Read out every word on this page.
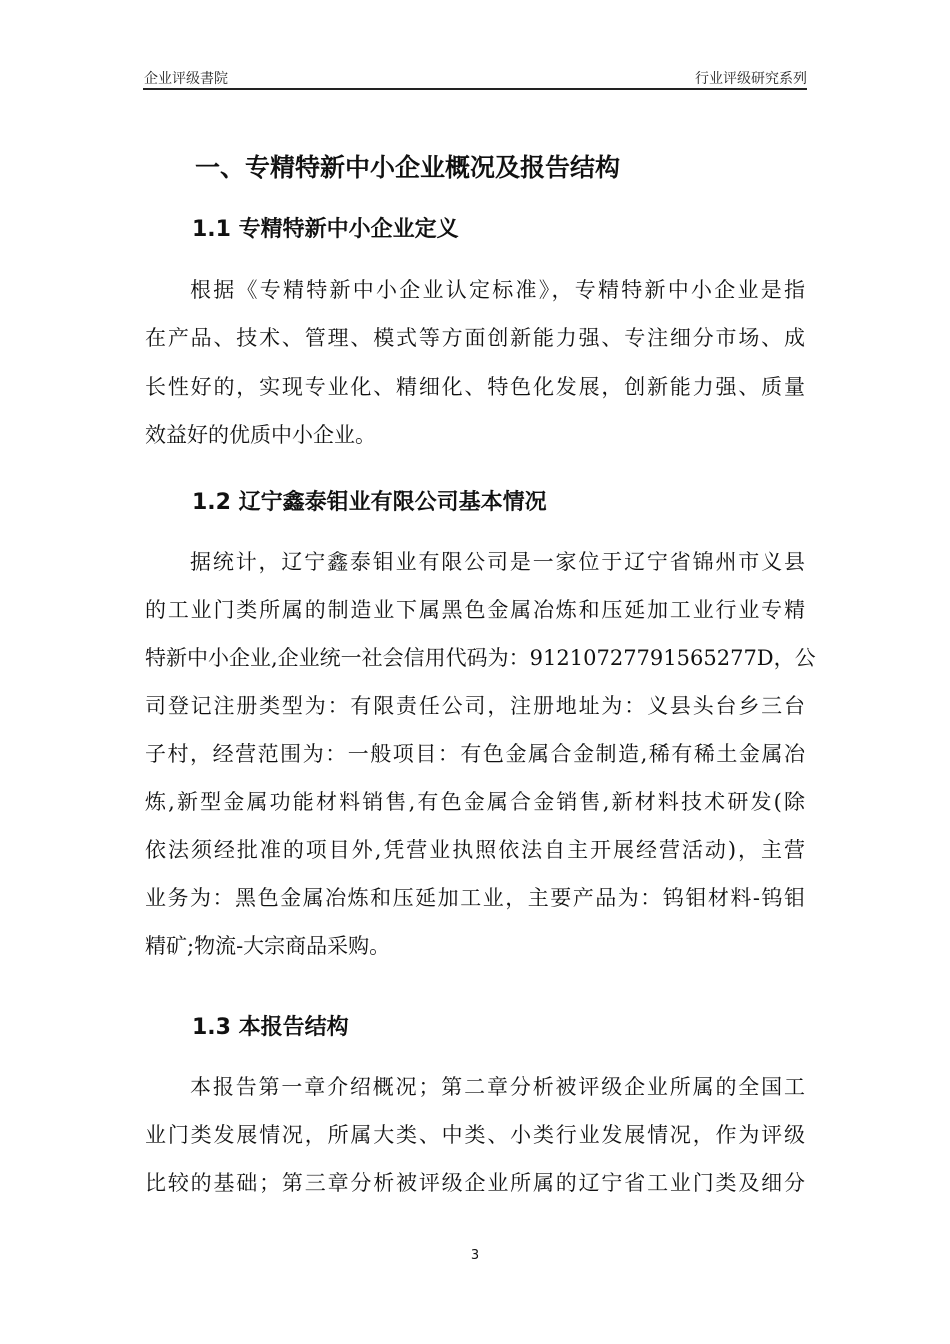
企业评级書院	行业评级研究系列
一、专精特新中小企业概况及报告结构
1.1 专精特新中小企业定义
根据《专精特新中小企业认定标准》，专精特新中小企业是指
在产品、技术、管理、模式等方面创新能力强、专注细分市场、成
长性好的，实现专业化、精细化、特色化发展，创新能力强、质量
效益好的优质中小企业。
1.2 辽宁鑫泰钼业有限公司基本情况
据统计，辽宁鑫泰钼业有限公司是一家位于辽宁省锦州市义县
的工业门类所属的制造业下属黑色金属冶炼和压延加工业行业专精
特新中小企业,企业统一社会信用代码为：91210727791565277D，公
司登记注册类型为：有限责任公司，注册地址为：义县头台乡三台
子村，经营范围为：一般项目：有色金属合金制造,稀有稀土金属冶
炼,新型金属功能材料销售,有色金属合金销售,新材料技术研发(除
依法须经批准的项目外,凭营业执照依法自主开展经营活动)，主营
业务为：黑色金属冶炼和压延加工业，主要产品为：钨钼材料-钨钼
精矿;物流-大宗商品采购。
1.3 本报告结构
本报告第一章介绍概况；第二章分析被评级企业所属的全国工
业门类发展情况，所属大类、中类、小类行业发展情况，作为评级
比较的基础；第三章分析被评级企业所属的辽宁省工业门类及细分
3
